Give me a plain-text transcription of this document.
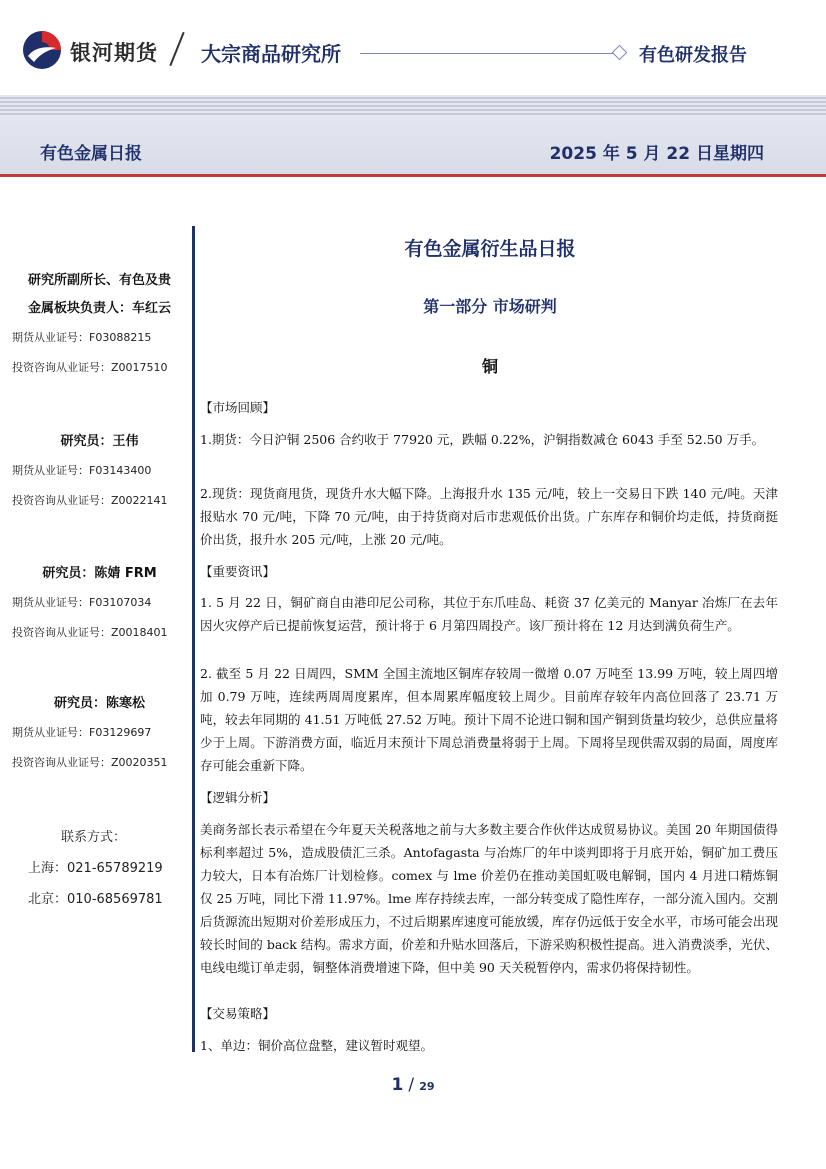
银河期货 大宗商品研究所	有色研发报告
有色金属日报	2025 年 5 月 22 日星期四
研究所副所长、有色及贵
金属板块负责人：车红云
期货从业证号：F03088215
投资咨询从业证号：Z0017510
研究员：王伟
期货从业证号：F03143400
投资咨询从业证号：Z0022141
研究员：陈婧 FRM
期货从业证号：F03107034
投资咨询从业证号：Z0018401
研究员：陈寒松
期货从业证号：F03129697
投资咨询从业证号：Z0020351
联系方式：
上海：021-65789219
北京：010-68569781
有色金属衍生品日报
第一部分 市场研判
铜
【市场回顾】
1.期货：今日沪铜 2506 合约收于 77920 元，跌幅 0.22%，沪铜指数减仓 6043 手至 52.50 万手。
2.现货：现货商甩货，现货升水大幅下降。上海报升水 135 元/吨，较上一交易日下跌 140 元/吨。天津报贴水 70 元/吨，下降 70 元/吨，由于持货商对后市悲观低价出货。广东库存和铜价均走低，持货商挺价出货，报升水 205 元/吨，上涨 20 元/吨。
【重要资讯】
1. 5 月 22 日，铜矿商自由港印尼公司称，其位于东爪哇岛、耗资 37 亿美元的 Manyar 冶炼厂在去年因火灾停产后已提前恢复运营，预计将于 6 月第四周投产。该厂预计将在 12 月达到满负荷生产。
2. 截至 5 月 22 日周四，SMM 全国主流地区铜库存较周一微增 0.07 万吨至 13.99 万吨，较上周四增加 0.79 万吨，连续两周周度累库，但本周累库幅度较上周少。目前库存较年内高位回落了 23.71 万吨，较去年同期的 41.51 万吨低 27.52 万吨。预计下周不论进口铜和国产铜到货量均较少，总供应量将少于上周。下游消费方面，临近月末预计下周总消费量将弱于上周。下周将呈现供需双弱的局面，周度库存可能会重新下降。
【逻辑分析】
美商务部长表示希望在今年夏天关税落地之前与大多数主要合作伙伴达成贸易协议。美国 20 年期国债得标利率超过 5%，造成股债汇三杀。Antofagasta 与冶炼厂的年中谈判即将于月底开始，铜矿加工费压力较大，日本有冶炼厂计划检修。comex 与 lme 价差仍在推动美国虹吸电解铜，国内 4 月进口精炼铜仅 25 万吨，同比下滑 11.97%。lme 库存持续去库，一部分转变成了隐性库存，一部分流入国内。交割后货源流出短期对价差形成压力，不过后期累库速度可能放缓，库存仍远低于安全水平，市场可能会出现较长时间的 back 结构。需求方面，价差和升贴水回落后，下游采购积极性提高。进入消费淡季，光伏、电线电缆订单走弱，铜整体消费增速下降，但中美 90 天关税暂停内，需求仍将保持韧性。
【交易策略】
1、单边：铜价高位盘整，建议暂时观望。
1 / 29
